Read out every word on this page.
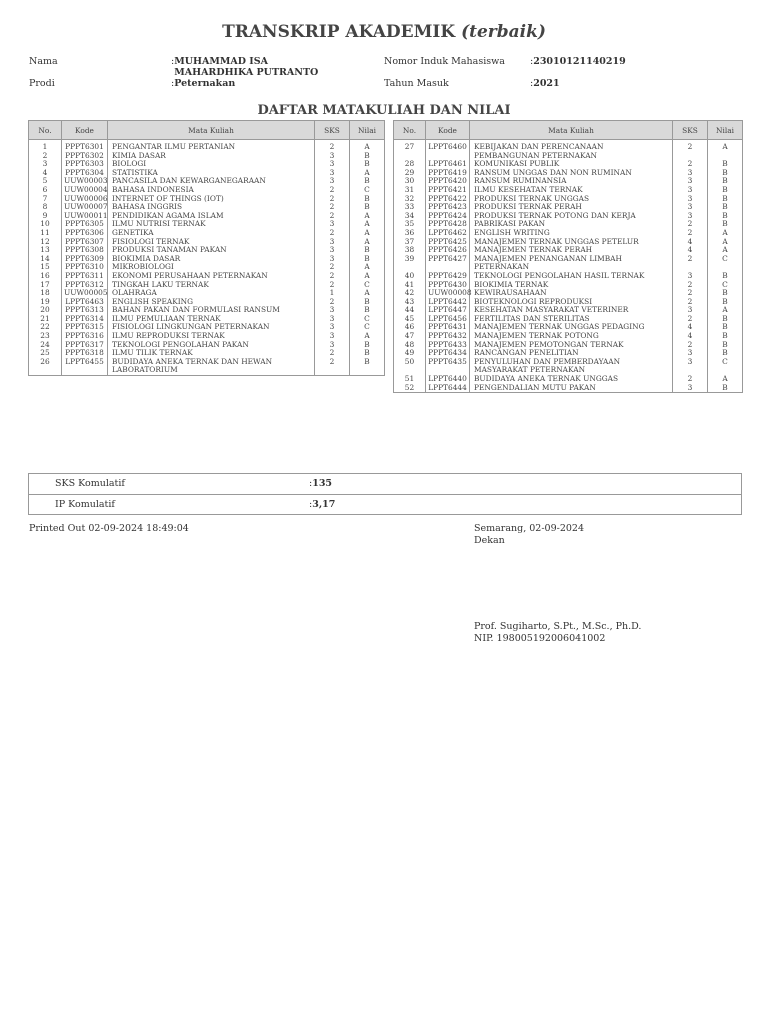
TRANSKRIP AKADEMIK (terbaik)
Nama	:MUHAMMAD ISA MAHARDHIKA PUTRANTO
Prodi	:Peternakan
Nomor Induk Mahasiswa	:23010121140219
Tahun Masuk	:2021
DAFTAR MATAKULIAH DAN NILAI
No.	Kode	Mata Kuliah	SKS	Nilai
1	PPPT6301	PENGANTAR ILMU PERTANIAN	2	A
2	PPPT6302	KIMIA DASAR	3	B
3	PPPT6303	BIOLOGI	3	B
4	PPPT6304	STATISTIKA	3	A
5	UUW00003	PANCASILA DAN KEWARGANEGARAAN	3	B
6	UUW00004	BAHASA INDONESIA	2	C
7	UUW00006	INTERNET OF THINGS (IOT)	2	B
8	UUW00007	BAHASA INGGRIS	2	B
9	UUW00011	PENDIDIKAN AGAMA ISLAM	2	A
10	PPPT6305	ILMU NUTRISI TERNAK	3	A
11	PPPT6306	GENETIKA	2	A
12	PPPT6307	FISIOLOGI TERNAK	3	A
13	PPPT6308	PRODUKSI TANAMAN PAKAN	3	B
14	PPPT6309	BIOKIMIA DASAR	3	B
15	PPPT6310	MIKROBIOLOGI	2	A
16	PPPT6311	EKONOMI PERUSAHAAN PETERNAKAN	2	A
17	PPPT6312	TINGKAH LAKU TERNAK	2	C
18	UUW00005	OLAHRAGA	1	A
19	LPPT6463	ENGLISH SPEAKING	2	B
20	PPPT6313	BAHAN PAKAN DAN FORMULASI RANSUM	3	B
21	PPPT6314	ILMU PEMULIAAN TERNAK	3	C
22	PPPT6315	FISIOLOGI LINGKUNGAN PETERNAKAN	3	C
23	PPPT6316	ILMU REPRODUKSI TERNAK	3	A
24	PPPT6317	TEKNOLOGI PENGOLAHAN PAKAN	3	B
25	PPPT6318	ILMU TILIK TERNAK	2	B
26	LPPT6455	BUDIDAYA ANEKA TERNAK DAN HEWAN LABORATORIUM	2	B
No.	Kode	Mata Kuliah	SKS	Nilai
27	LPPT6460	KEBIJAKAN DAN PERENCANAAN PEMBANGUNAN PETERNAKAN	2	A
28	LPPT6461	KOMUNIKASI PUBLIK	2	B
29	PPPT6419	RANSUM UNGGAS DAN NON RUMINAN	3	B
30	PPPT6420	RANSUM RUMINANSIA	3	B
31	PPPT6421	ILMU KESEHATAN TERNAK	3	B
32	PPPT6422	PRODUKSI TERNAK UNGGAS	3	B
33	PPPT6423	PRODUKSI TERNAK PERAH	3	B
34	PPPT6424	PRODUKSI TERNAK POTONG DAN KERJA	3	B
35	PPPT6428	PABRIKASI PAKAN	2	B
36	LPPT6462	ENGLISH WRITING	2	A
37	PPPT6425	MANAJEMEN TERNAK UNGGAS PETELUR	4	A
38	PPPT6426	MANAJEMEN TERNAK PERAH	4	A
39	PPPT6427	MANAJEMEN PENANGANAN LIMBAH PETERNAKAN	2	C
40	PPPT6429	TEKNOLOGI PENGOLAHAN HASIL TERNAK	3	B
41	PPPT6430	BIOKIMIA TERNAK	2	C
42	UUW00008	KEWIRAUSAHAAN	2	B
43	LPPT6442	BIOTEKNOLOGI REPRODUKSI	2	B
44	LPPT6447	KESEHATAN MASYARAKAT VETERINER	3	A
45	LPPT6456	FERTILITAS DAN STERILITAS	2	B
46	PPPT6431	MANAJEMEN TERNAK UNGGAS PEDAGING	4	B
47	PPPT6432	MANAJEMEN TERNAK POTONG	4	B
48	PPPT6433	MANAJEMEN PEMOTONGAN TERNAK	2	B
49	PPPT6434	RANCANGAN PENELITIAN	3	B
50	PPPT6435	PENYULUHAN DAN PEMBERDAYAAN MASYARAKAT PETERNAKAN	3	C
51	LPPT6440	BUDIDAYA ANEKA TERNAK UNGGAS	2	A
52	LPPT6444	PENGENDALIAN MUTU PAKAN	3	B
SKS Komulatif	:135
IP Komulatif	:3,17
Printed Out 02-09-2024 18:49:04	Semarang, 02-09-2024
Dekan
Prof. Sugiharto, S.Pt., M.Sc., Ph.D.
NIP. 198005192006041002
